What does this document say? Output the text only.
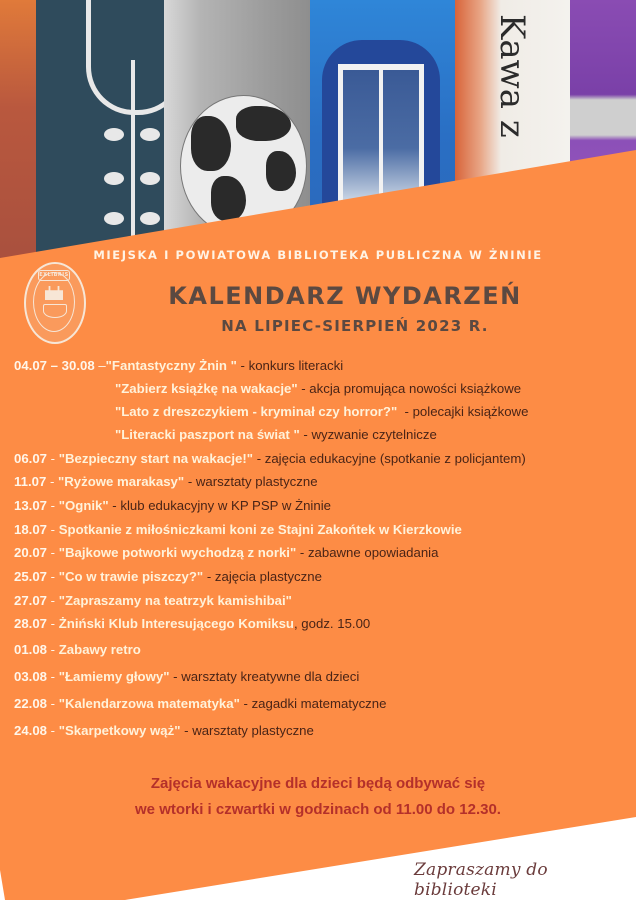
Kawa z
MIEJSKA I POWIATOWA BIBLIOTEKA PUBLICZNA W ŻNINIE
EXLIBRIS
KALENDARZ WYDARZEŃ
NA LIPIEC-SIERPIEŃ 2023 R.
04.07 – 30.08 –"Fantastyczny Żnin " - konkurs literacki
"Zabierz książkę na wakacje" - akcja promująca nowości książkowe
"Lato z dreszczykiem - kryminał czy horror?"  - polecajki książkowe
"Literacki paszport na świat " - wyzwanie czytelnicze
06.07 - "Bezpieczny start na wakacje!" - zajęcia edukacyjne (spotkanie z policjantem)
11.07 - "Ryżowe marakasy" - warsztaty plastyczne
13.07 - "Ognik" - klub edukacyjny w KP PSP w Żninie
18.07 - Spotkanie z miłośniczkami koni ze Stajni Zakońtek w Kierzkowie
20.07 - "Bajkowe potworki wychodzą z norki" - zabawne opowiadania
25.07 - "Co w trawie piszczy?" - zajęcia plastyczne
27.07 - "Zapraszamy na teatrzyk kamishibai"
28.07 - Żniński Klub Interesującego Komiksu, godz. 15.00
01.08 - Zabawy retro
03.08 - "Łamiemy głowy" - warsztaty kreatywne dla dzieci
22.08 - "Kalendarzowa matematyka" - zagadki matematyczne
24.08 - "Skarpetkowy wąż" - warsztaty plastyczne
Zajęcia wakacyjne dla dzieci będą odbywać się
we wtorki i czwartki w godzinach od 11.00 do 12.30.
Zapraszamy do biblioteki
